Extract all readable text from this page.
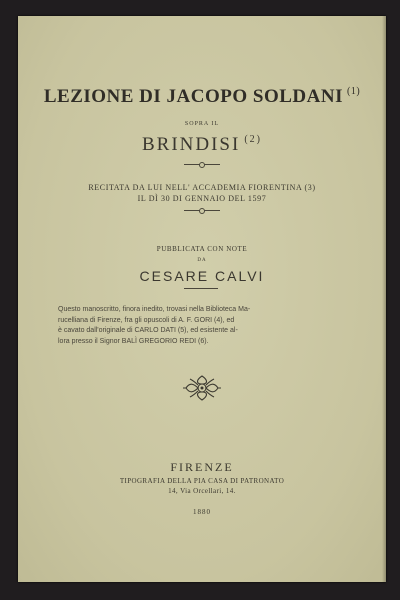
LEZIONE DI JACOPO SOLDANI $^{(1)}$
SOPRA IL
BRINDISI $^{(2)}$
RECITATA DA LUI NELL' ACCADEMIA FIORENTINA (3)
IL DÌ 30 DI GENNAIO DEL 1597
PUBBLICATA CON NOTE
DA
CESARE CALVI
Questo manoscritto, finora inedito, trovasi nella Biblioteca Ma-
rucelliana di Firenze, fra gli opuscoli di A. F. GORI (4), ed
è cavato dall'originale di CARLO DATI (5), ed esistente al-
lora presso il Signor BALÌ GREGORIO REDI (6).
FIRENZE
TIPOGRAFIA DELLA PIA CASA DI PATRONATO
14, Via Orcellari, 14.
1880
